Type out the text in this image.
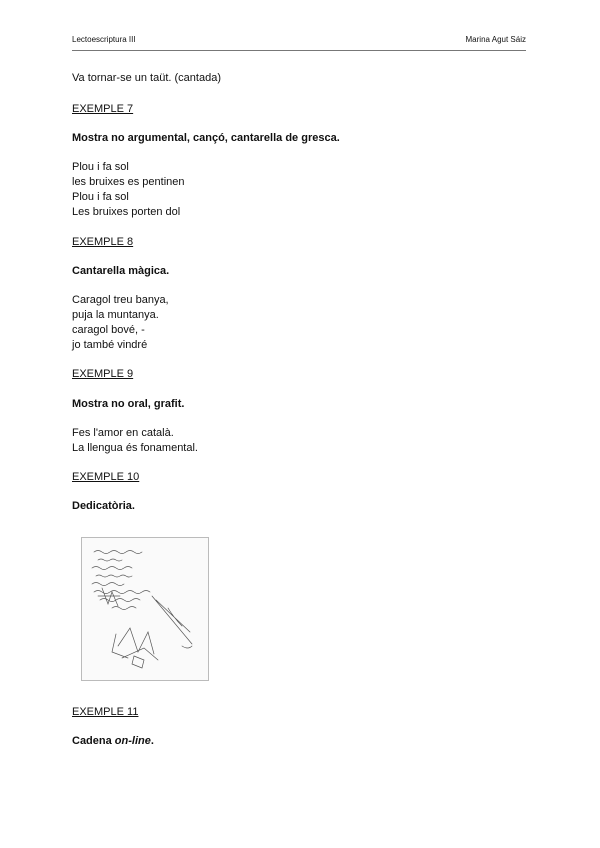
Lectoescriptura III	Marina Agut Sáiz
Va tornar-se un taüt. (cantada)
EXEMPLE 7
Mostra no argumental, cançó, cantarella de gresca.
Plou i fa sol
les bruixes es pentinen
Plou i fa sol
Les bruixes porten dol
EXEMPLE 8
Cantarella màgica.
Caragol treu banya,
puja la muntanya.
caragol bové, -
jo també vindré
EXEMPLE 9
Mostra no oral, grafit.
Fes l'amor en català.
La llengua és fonamental.
EXEMPLE 10
Dedicatòria.
EXEMPLE 11
Cadena on-line.
